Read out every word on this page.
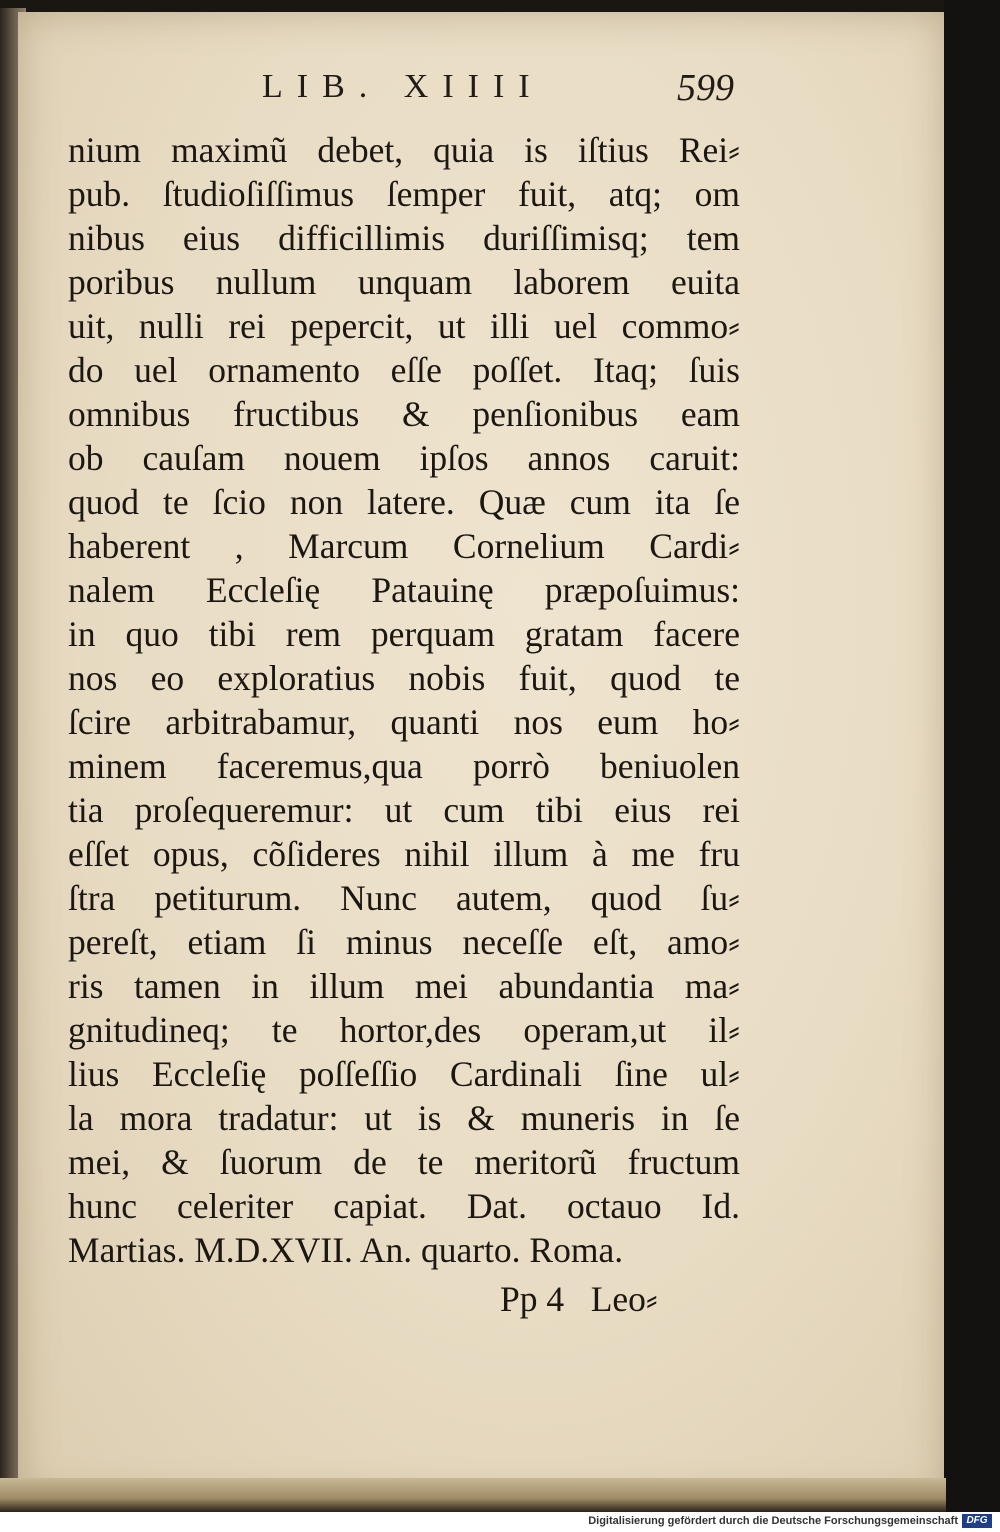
LIB. XIIII	599
nium maximũ debet, quia is iſtius Rei⸗
pub. ſtudioſiſſimus ſemper fuit, atq; om
nibus eius difficillimis duriſſimisq; tem
poribus nullum unquam laborem euita
uit, nulli rei pepercit, ut illi uel commo⸗
do uel ornamento eſſe poſſet. Itaq; ſuis
omnibus fructibus & penſionibus eam
ob cauſam nouem ipſos annos caruit:
quod te ſcio non latere. Quæ cum ita ſe
haberent , Marcum Cornelium Cardi⸗
nalem Eccleſię Patauinę præpoſuimus:
in quo tibi rem perquam gratam facere
nos eo exploratius nobis fuit, quod te
ſcire arbitrabamur, quanti nos eum ho⸗
minem faceremus,qua porrò beniuolen
tia proſequeremur: ut cum tibi eius rei
eſſet opus, cõſideres nihil illum à me fru
ſtra petiturum. Nunc autem, quod ſu⸗
pereſt, etiam ſi minus neceſſe eſt, amo⸗
ris tamen in illum mei abundantia ma⸗
gnitudineq; te hortor,des operam,ut il⸗
lius Eccleſię poſſeſſio Cardinali ſine ul⸗
la mora tradatur: ut is & muneris in ſe
mei, & ſuorum de te meritorũ fructum
hunc celeriter capiat. Dat. octauo Id.
Martias. M.D.XVII. An. quarto. Roma.
Pp 4   Leo⸗
Digitalisierung gefördert durch die Deutsche Forschungsgemeinschaft DFG
